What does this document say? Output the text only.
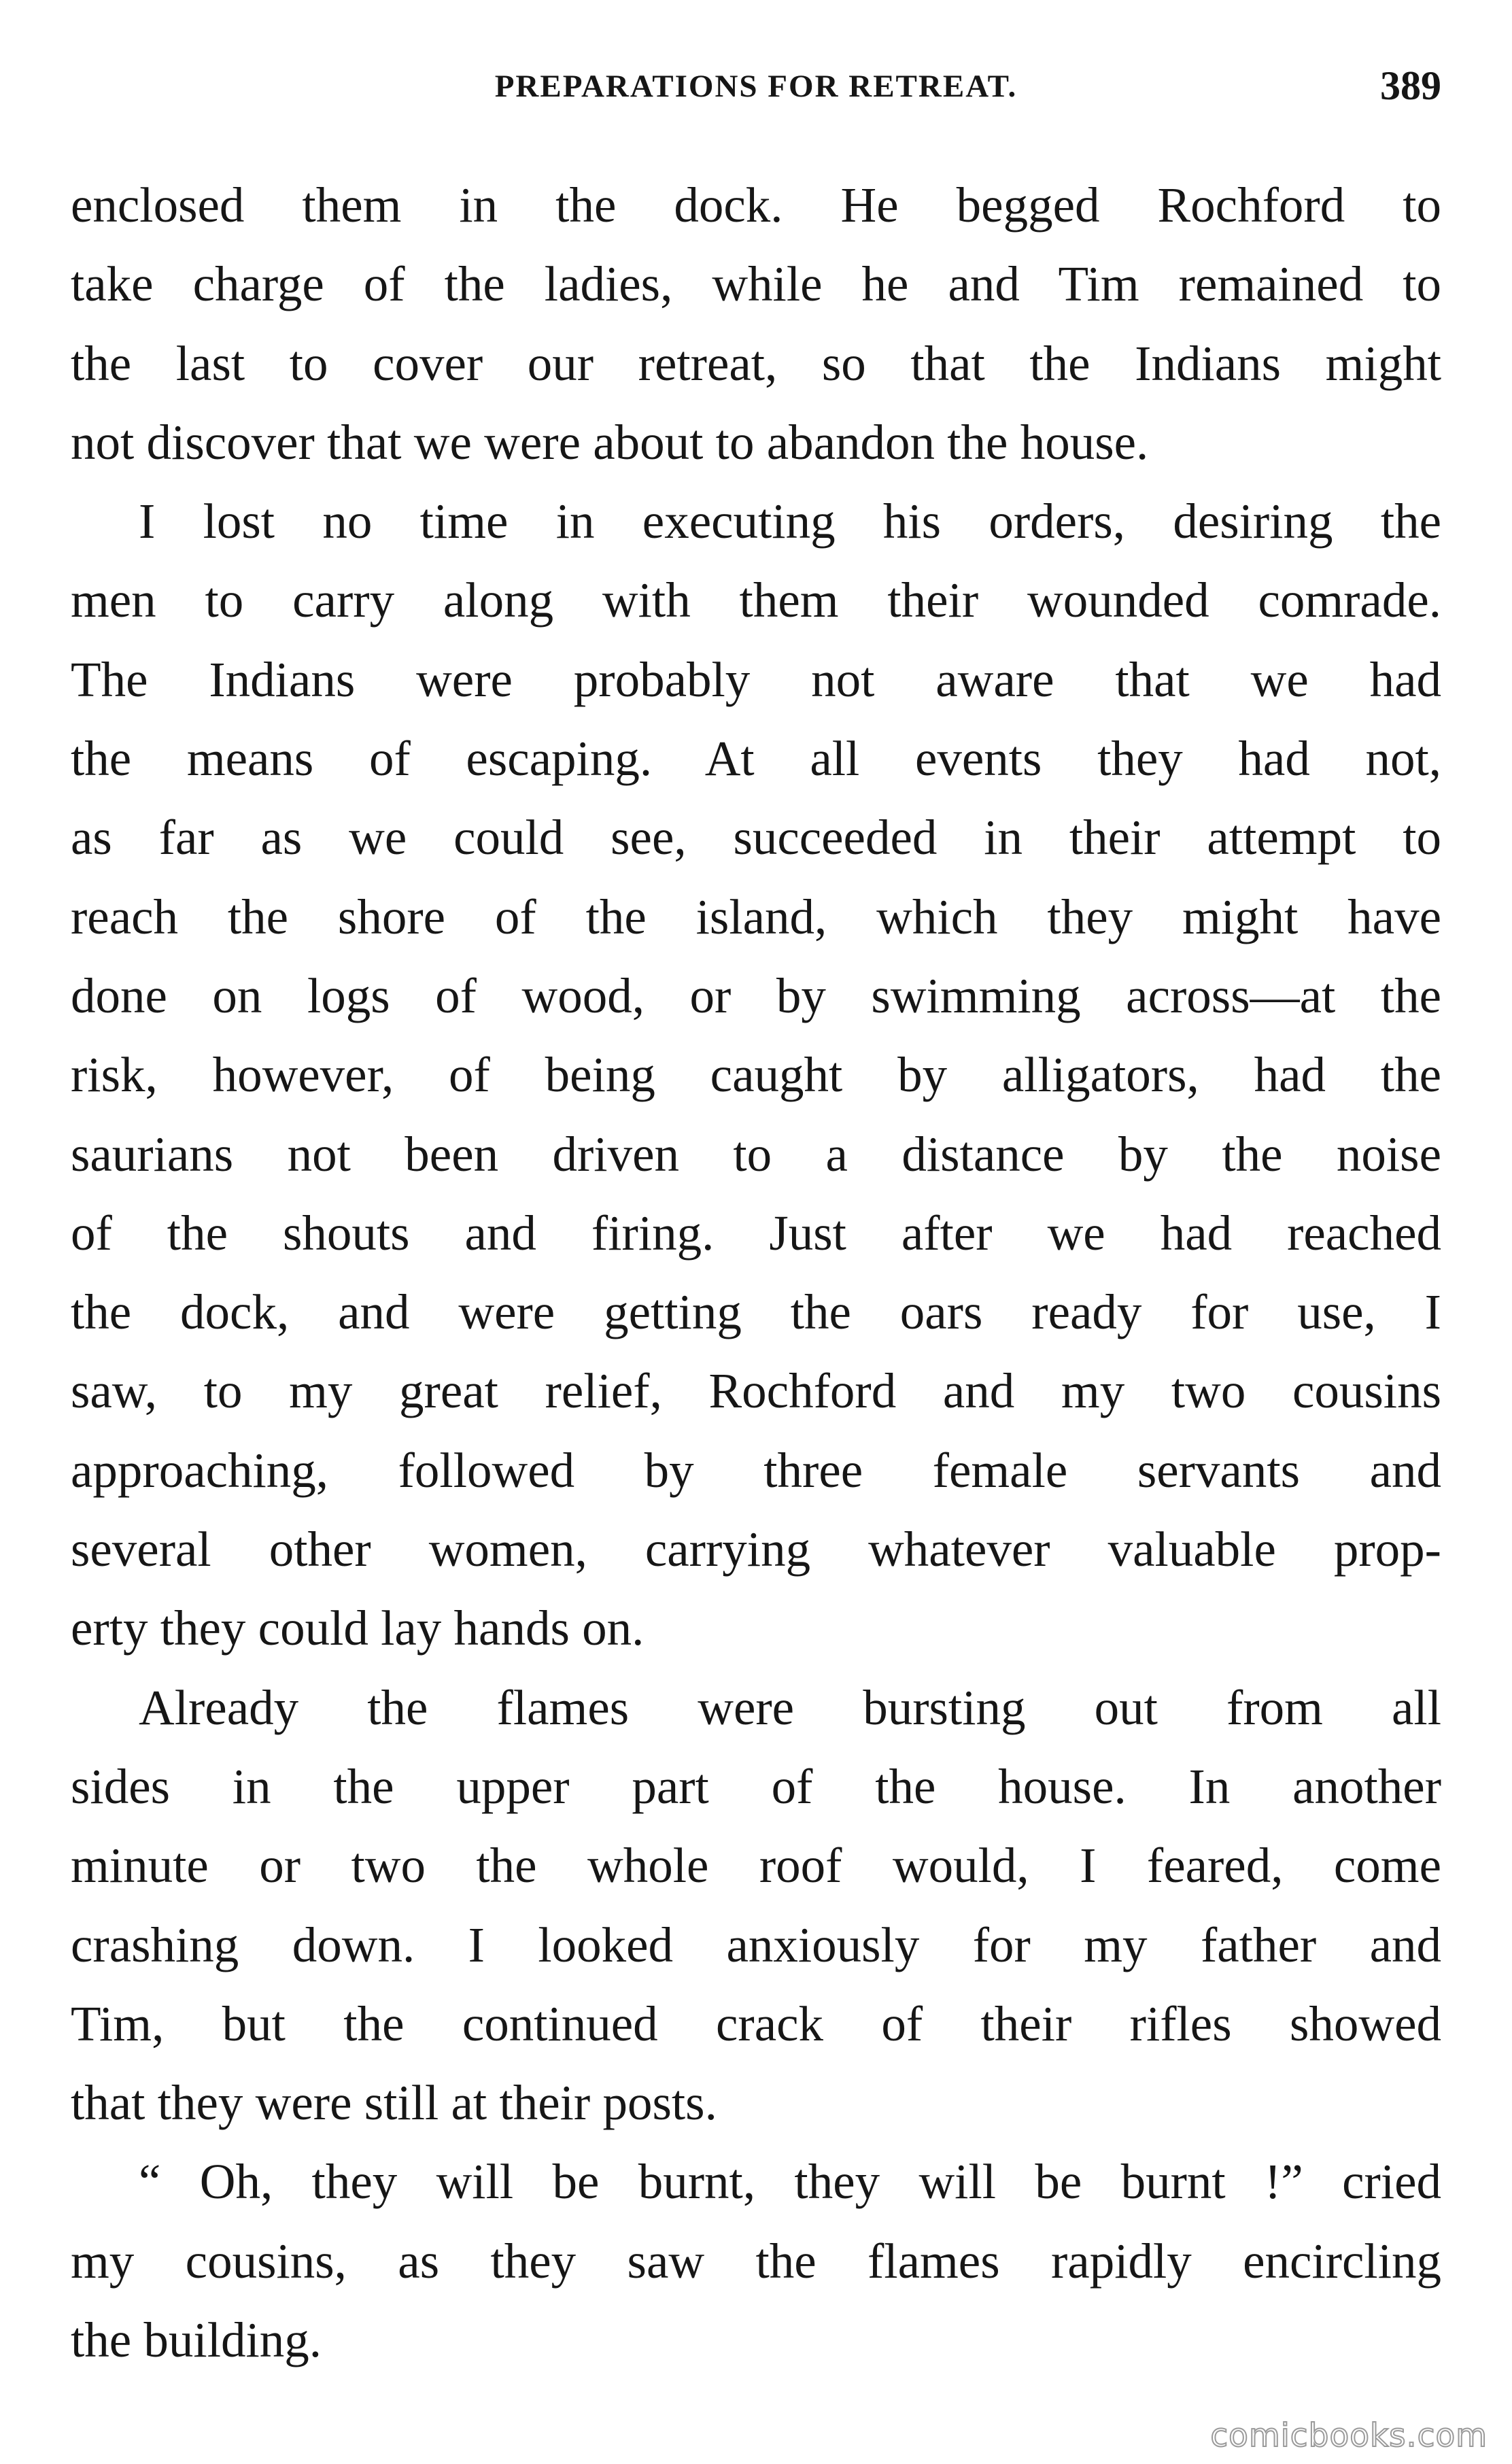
PREPARATIONS FOR RETREAT.	389
enclosed them in the dock. He begged Rochford to
take charge of the ladies, while he and Tim remained to
the last to cover our retreat, so that the Indians might
not discover that we were about to abandon the house.
I lost no time in executing his orders, desiring the
men to carry along with them their wounded comrade.
The Indians were probably not aware that we had
the means of escaping. At all events they had not,
as far as we could see, succeeded in their attempt to
reach the shore of the island, which they might have
done on logs of wood, or by swimming across—at the
risk, however, of being caught by alligators, had the
saurians not been driven to a distance by the noise
of the shouts and firing. Just after we had reached
the dock, and were getting the oars ready for use, I
saw, to my great relief, Rochford and my two cousins
approaching, followed by three female servants and
several other women, carrying whatever valuable prop-
erty they could lay hands on.
Already the flames were bursting out from all
sides in the upper part of the house. In another
minute or two the whole roof would, I feared, come
crashing down. I looked anxiously for my father and
Tim, but the continued crack of their rifles showed
that they were still at their posts.
“ Oh, they will be burnt, they will be burnt !” cried
my cousins, as they saw the flames rapidly encircling
the building.
comicbooks.com
